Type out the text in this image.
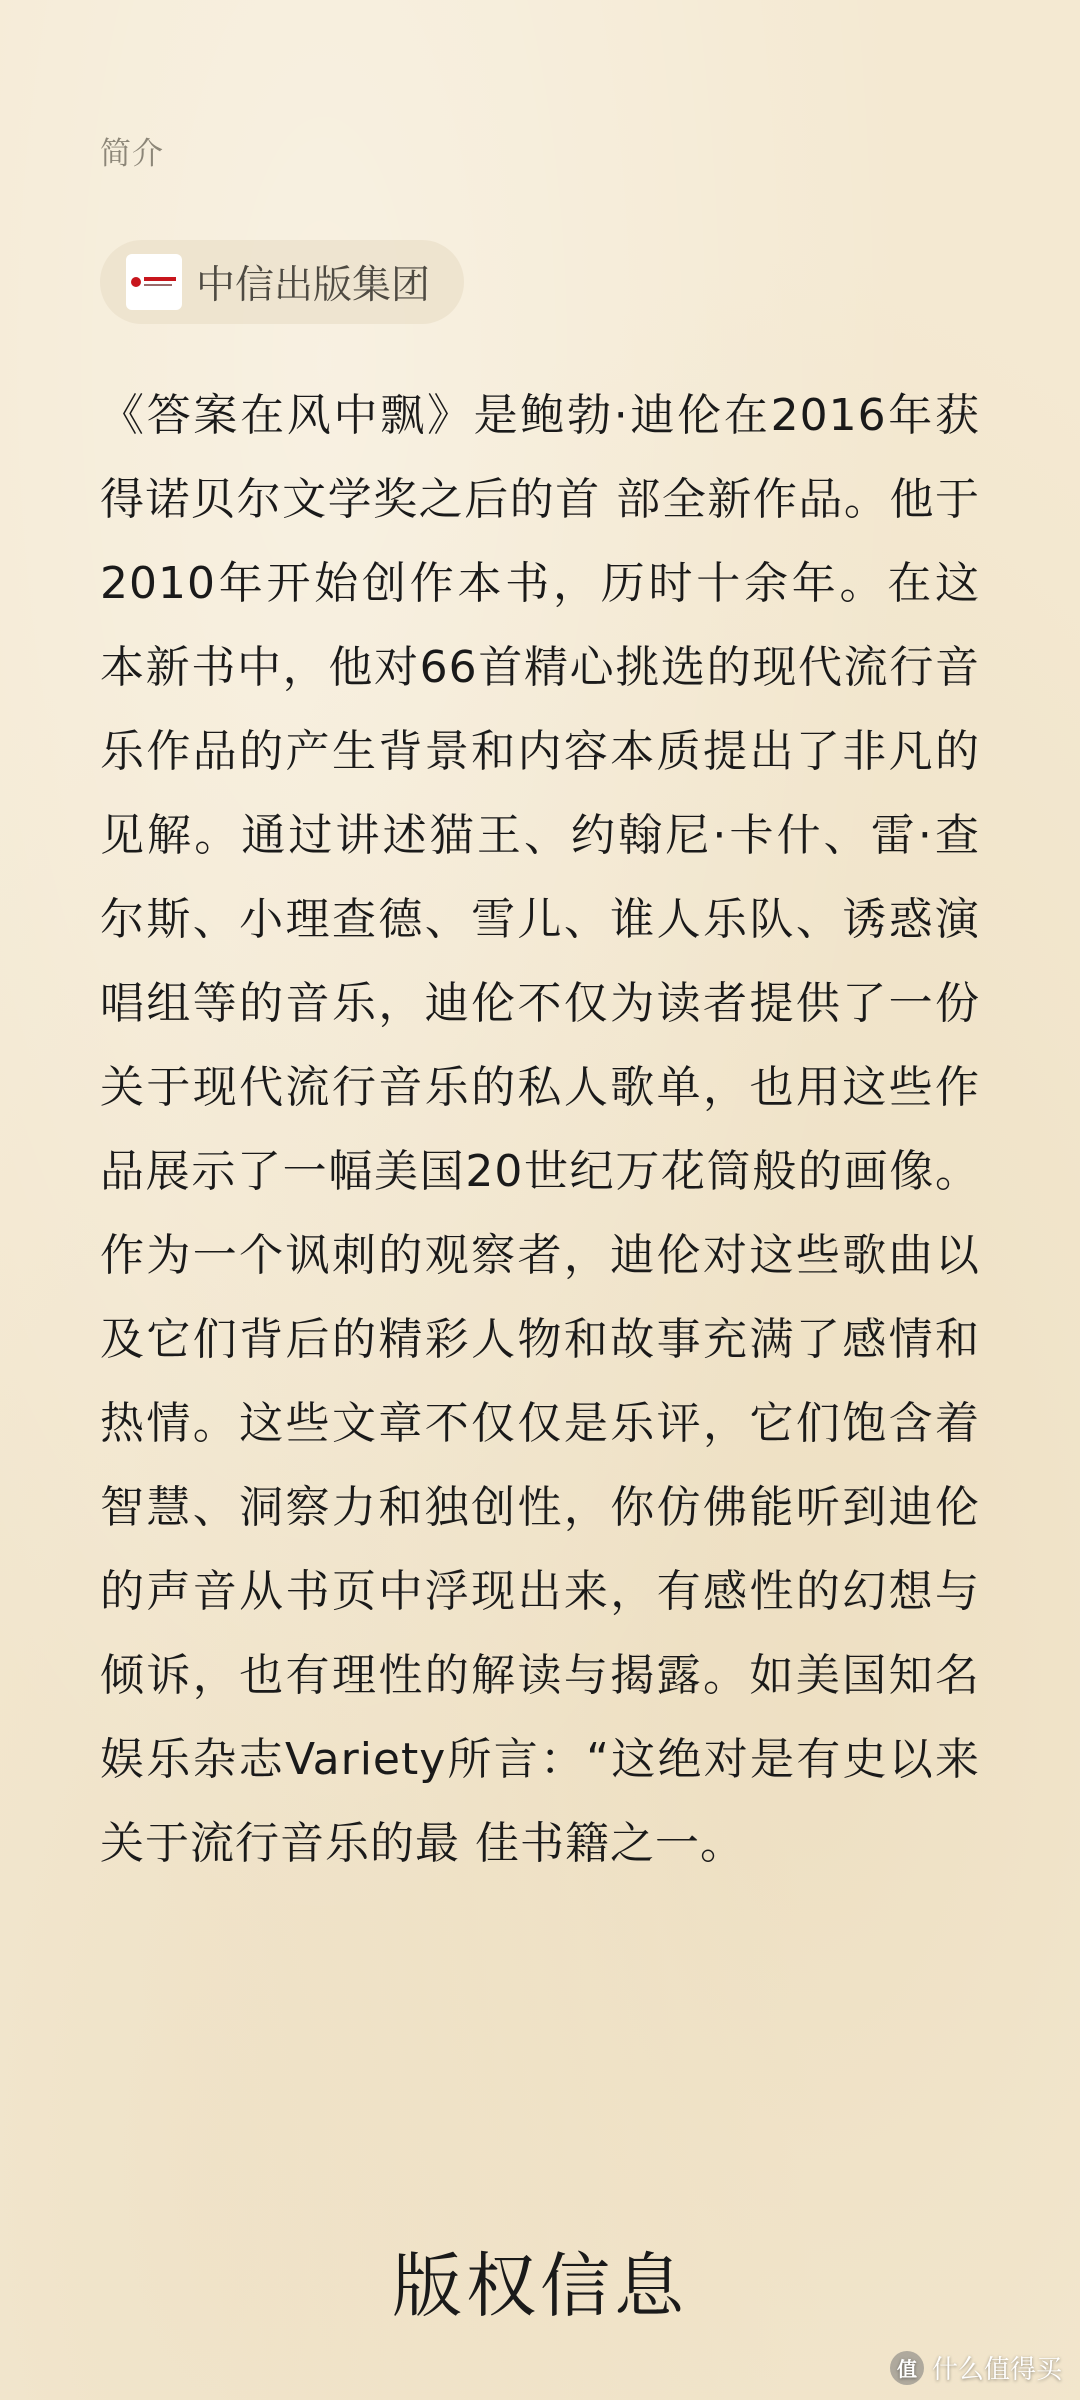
简介
中信出版集团

《答案在风中飘》是鲍勃·迪伦在2016年获得诺贝尔文学奖之后的首 部全新作品。他于2010年开始创作本书，历时十余年。在这本新书中，他对66首精心挑选的现代流行音乐作品的产生背景和内容本质提出了非凡的见解。通过讲述猫王、约翰尼·卡什、雷·查尔斯、小理查德、雪儿、谁人乐队、诱惑演唱组等的音乐，迪伦不仅为读者提供了一份关于现代流行音乐的私人歌单，也用这些作品展示了一幅美国20世纪万花筒般的画像。 作为一个讽刺的观察者，迪伦对这些歌曲以及它们背后的精彩人物和故事充满了感情和热情。这些文章不仅仅是乐评，它们饱含着智慧、洞察力和独创性，你仿佛能听到迪伦的声音从书页中浮现出来，有感性的幻想与倾诉，也有理性的解读与揭露。如美国知名娱乐杂志Variety所言：“这绝对是有史以来关于流行音乐的最 佳书籍之一。

版权信息
值 什么值得买
